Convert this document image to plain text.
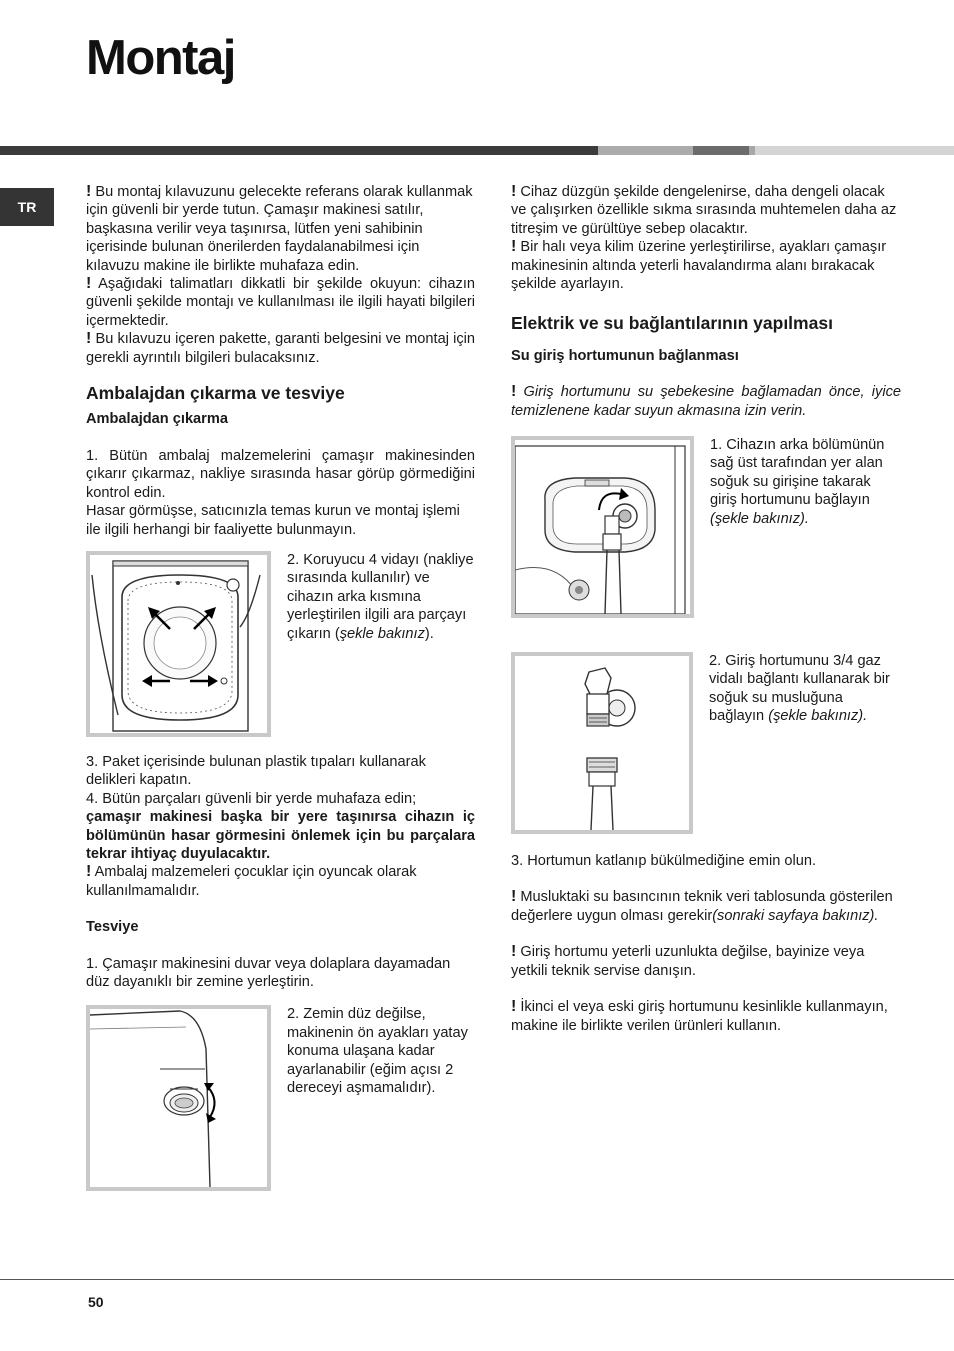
Montaj
TR

! Bu montaj kılavuzunu gelecekte referans olarak kullanmak için güvenli bir yerde tutun. Çamaşır makinesi satılır, başkasına verilir veya taşınırsa, lütfen yeni sahibinin içerisinde bulunan önerilerden faydalanabilmesi için kılavuzu makine ile birlikte muhafaza edin.

! Aşağıdaki talimatları dikkatli bir şekilde okuyun: cihazın güvenli şekilde montajı ve kullanılması ile ilgili hayati bilgileri içermektedir.

! Bu kılavuzu içeren pakette, garanti belgesini ve montaj için gerekli ayrıntılı bilgileri bulacaksınız.

Ambalajdan çıkarma ve tesviye
Ambalajdan çıkarma

1. Bütün ambalaj malzemelerini çamaşır makinesinden çıkarır çıkarmaz, nakliye sırasında hasar görüp görmediğini kontrol edin.

Hasar görmüşse, satıcınızla temas kurun ve montaj işlemi ile ilgili herhangi bir faaliyette bulunmayın.

2. Koruyucu 4 vidayı (nakliye sırasında kullanılır) ve cihazın arka kısmına yerleştirilen ilgili ara parçayı çıkarın (şekle bakınız).

3. Paket içerisinde bulunan plastik tıpaları kullanarak delikleri kapatın.

4. Bütün parçaları güvenli bir yerde muhafaza edin;

çamaşır makinesi başka bir yere taşınırsa cihazın iç bölümünün hasar görmesini önlemek için bu parçalara tekrar ihtiyaç duyulacaktır.

! Ambalaj malzemeleri çocuklar için oyuncak olarak kullanılmamalıdır.

Tesviye

1. Çamaşır makinesini duvar veya dolaplara dayamadan düz dayanıklı bir zemine yerleştirin.

2. Zemin düz değilse, makinenin ön ayakları yatay konuma ulaşana kadar ayarlanabilir (eğim açısı 2 dereceyi aşmamalıdır).

! Cihaz düzgün şekilde dengelenirse, daha dengeli olacak ve çalışırken özellikle sıkma sırasında muhtemelen daha az titreşim ve gürültüye sebep olacaktır.

! Bir halı veya kilim üzerine yerleştirilirse, ayakları çamaşır makinesinin altında yeterli havalandırma alanı bırakacak şekilde ayarlayın.

Elektrik ve su bağlantılarının yapılması
Su giriş hortumunun bağlanması

! Giriş hortumunu su şebekesine bağlamadan önce, iyice temizlenene kadar suyun akmasına izin verin.

1. Cihazın arka bölümünün sağ üst tarafından yer alan soğuk su girişine takarak giriş hortumunu bağlayın
(şekle bakınız).

2. Giriş hortumunu 3/4 gaz vidalı bağlantı kullanarak bir soğuk su musluğuna bağlayın (şekle bakınız).

3. Hortumun katlanıp bükülmediğine emin olun.

! Musluktaki su basıncının teknik veri tablosunda gösterilen değerlere uygun olması gerekir(sonraki sayfaya bakınız).

! Giriş hortumu yeterli uzunlukta değilse, bayinize veya yetkili teknik servise danışın.

! İkinci el veya eski giriş hortumunu kesinlikle kullanmayın, makine ile birlikte verilen ürünleri kullanın.

50
